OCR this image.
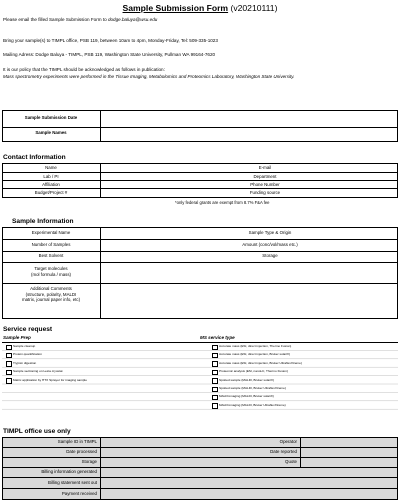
Sample Submission Form (v20210111)
Please email the filled Sample Submission Form to dodge.baluya@wsu.edu
Bring your sample(s) to TIMPL office, PSB 119, between 10am to 4pm, Monday-Friday, Tel: 509-335-1023
Mailing Adress: Dodge Baluya - TIMPL, PSB 119, Washington State University, Pullman WA 99164-7620
It is our policy that the TIMPL should be acknowledged as follows in publication:
Mass spectrometry experiments were performed in the Tissue Imaging, Metabolomics and Proteomics Laboratory, Washington State University.
Sample Submission Date
Sample Names
Contact Information
Name
Lab / PI
Affiliation
Budget/Project #
E-mail
Department
Phone Number
Funding source
*only federal grants are exempt from 8.7% F&A fee
Sample Information
Experimental Name
Number of Samples
Best Solvent
Sample Type & Origin
Amount (conc/vol/mass etc.)
Storage
Target molecules
(mol formula / mass)
Additional Comments
(structure, polarity, MALDI
matrix, journal paper info, etc)
Service request
Sample Prep	MS service type
Sample cleanup
Protein quantification
Trypsin digestion
Sample sectioning on Leica cryostat
Matrix application by HTX Sprayer for imaging sample
Accurate mass (ESI, direct injection, Thermo Fusion)
Accurate mass (ESI, direct injection, Bruker solariX)
Accurate mass (ESI, direct injection, Bruker UltraflexXtreme)
Proteomic analysis (ESI, nanoLC, Thermo Fusion)
Spotted sample (MALDI, Bruker solariX)
Spotted sample (MALDI, Bruker UltraflexXtreme)
MALDI-imaging (MALDI, Bruker solariX)
MALDI-imaging (MALDI, Bruker UltraflexXtreme)
TIMPL office use only
Sample ID in TIMPL
Date processed
Storage
Billing information generated
Billing statement sent out
Payment received
Operator
Date reported
Quote
